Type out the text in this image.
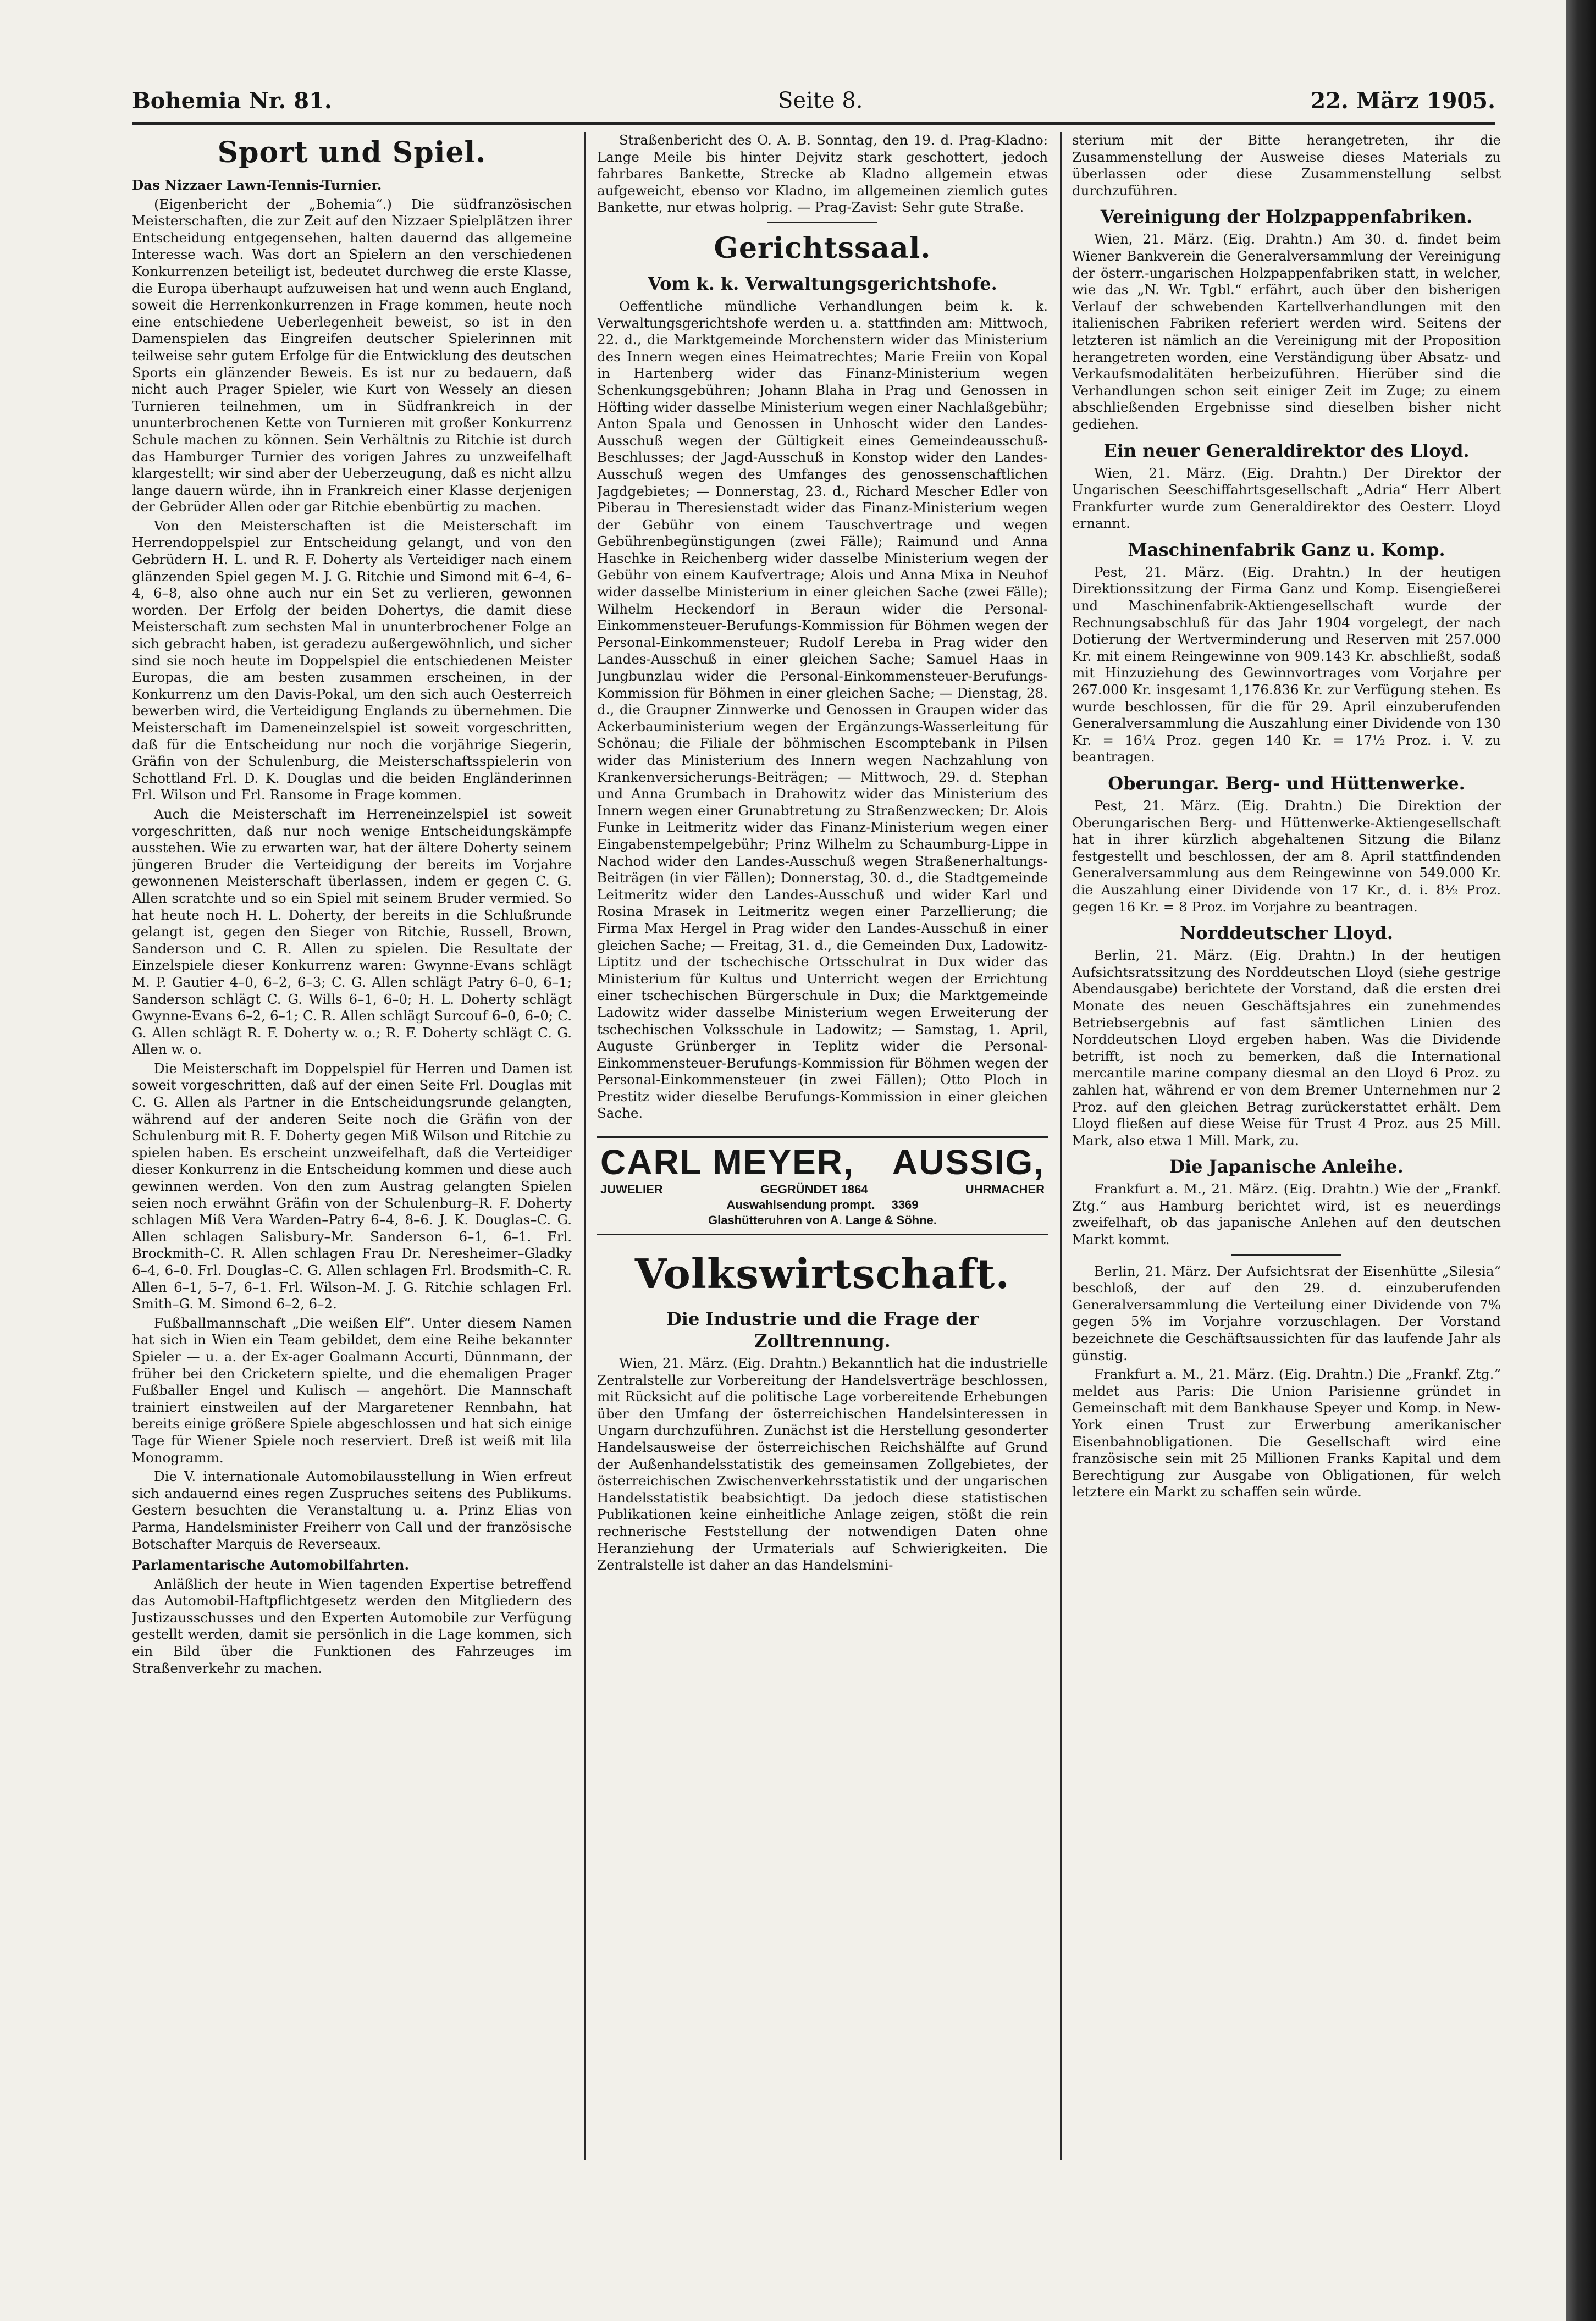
Bohemia Nr. 81.	Seite 8.	22. März 1905.
Sport und Spiel.

Das Nizzaer Lawn-Tennis-Turnier.

(Eigenbericht der „Bohemia“.) Die südfranzösischen Meisterschaften, die zur Zeit auf den Nizzaer Spielplätzen ihrer Entscheidung entgegensehen, halten dauernd das allgemeine Interesse wach. Was dort an Spielern an den verschiedenen Konkurrenzen beteiligt ist, bedeutet durchweg die erste Klasse, die Europa überhaupt aufzuweisen hat und wenn auch England, soweit die Herrenkonkurrenzen in Frage kommen, heute noch eine entschiedene Ueberlegenheit beweist, so ist in den Damenspielen das Eingreifen deutscher Spielerinnen mit teilweise sehr gutem Erfolge für die Entwicklung des deutschen Sports ein glänzender Beweis. Es ist nur zu bedauern, daß nicht auch Prager Spieler, wie Kurt von Wessely an diesen Turnieren teilnehmen, um in Südfrankreich in der ununterbrochenen Kette von Turnieren mit großer Konkurrenz Schule machen zu können. Sein Verhältnis zu Ritchie ist durch das Hamburger Turnier des vorigen Jahres zu unzweifelhaft klargestellt; wir sind aber der Ueberzeugung, daß es nicht allzu lange dauern würde, ihn in Frankreich einer Klasse derjenigen der Gebrüder Allen oder gar Ritchie ebenbürtig zu machen.

Von den Meisterschaften ist die Meisterschaft im Herrendoppelspiel zur Entscheidung gelangt, und von den Gebrüdern H. L. und R. F. Doherty als Verteidiger nach einem glänzenden Spiel gegen M. J. G. Ritchie und Simond mit 6–4, 6–4, 6–8, also ohne auch nur ein Set zu verlieren, gewonnen worden. Der Erfolg der beiden Dohertys, die damit diese Meisterschaft zum sechsten Mal in ununterbrochener Folge an sich gebracht haben, ist geradezu außergewöhnlich, und sicher sind sie noch heute im Doppelspiel die entschiedenen Meister Europas, die am besten zusammen erscheinen, in der Konkurrenz um den Davis-Pokal, um den sich auch Oesterreich bewerben wird, die Verteidigung Englands zu übernehmen. Die Meisterschaft im Dameneinzelspiel ist soweit vorgeschritten, daß für die Entscheidung nur noch die vorjährige Siegerin, Gräfin von der Schulenburg, die Meisterschaftsspielerin von Schottland Frl. D. K. Douglas und die beiden Engländerinnen Frl. Wilson und Frl. Ransome in Frage kommen.

Auch die Meisterschaft im Herreneinzelspiel ist soweit vorgeschritten, daß nur noch wenige Entscheidungskämpfe ausstehen. Wie zu erwarten war, hat der ältere Doherty seinem jüngeren Bruder die Verteidigung der bereits im Vorjahre gewonnenen Meisterschaft überlassen, indem er gegen C. G. Allen scratchte und so ein Spiel mit seinem Bruder vermied. So hat heute noch H. L. Doherty, der bereits in die Schlußrunde gelangt ist, gegen den Sieger von Ritchie, Russell, Brown, Sanderson und C. R. Allen zu spielen. Die Resultate der Einzelspiele dieser Konkurrenz waren: Gwynne-Evans schlägt M. P. Gautier 4–0, 6–2, 6–3; C. G. Allen schlägt Patry 6–0, 6–1; Sanderson schlägt C. G. Wills 6–1, 6–0; H. L. Doherty schlägt Gwynne-Evans 6–2, 6–1; C. R. Allen schlägt Surcouf 6–0, 6–0; C. G. Allen schlägt R. F. Doherty w. o.; R. F. Doherty schlägt C. G. Allen w. o.

Die Meisterschaft im Doppelspiel für Herren und Damen ist soweit vorgeschritten, daß auf der einen Seite Frl. Douglas mit C. G. Allen als Partner in die Entscheidungsrunde gelangten, während auf der anderen Seite noch die Gräfin von der Schulenburg mit R. F. Doherty gegen Miß Wilson und Ritchie zu spielen haben. Es erscheint unzweifelhaft, daß die Verteidiger dieser Konkurrenz in die Entscheidung kommen und diese auch gewinnen werden. Von den zum Austrag gelangten Spielen seien noch erwähnt Gräfin von der Schulenburg–R. F. Doherty schlagen Miß Vera Warden–Patry 6–4, 8–6. J. K. Douglas–C. G. Allen schlagen Salisbury–Mr. Sanderson 6–1, 6–1. Frl. Brockmith–C. R. Allen schlagen Frau Dr. Neresheimer–Gladky 6–4, 6–0. Frl. Douglas–C. G. Allen schlagen Frl. Brodsmith–C. R. Allen 6–1, 5–7, 6–1. Frl. Wilson–M. J. G. Ritchie schlagen Frl. Smith–G. M. Simond 6–2, 6–2.

Fußballmannschaft „Die weißen Elf“. Unter diesem Namen hat sich in Wien ein Team gebildet, dem eine Reihe bekannter Spieler — u. a. der Ex-ager Goalmann Accurti, Dünnmann, der früher bei den Cricketern spielte, und die ehemaligen Prager Fußballer Engel und Kulisch — angehört. Die Mannschaft trainiert einstweilen auf der Margaretener Rennbahn, hat bereits einige größere Spiele abgeschlossen und hat sich einige Tage für Wiener Spiele noch reserviert. Dreß ist weiß mit lila Monogramm.

Die V. internationale Automobilausstellung in Wien erfreut sich andauernd eines regen Zuspruches seitens des Publikums. Gestern besuchten die Veranstaltung u. a. Prinz Elias von Parma, Handelsminister Freiherr von Call und der französische Botschafter Marquis de Reverseaux.

Parlamentarische Automobilfahrten.

Anläßlich der heute in Wien tagenden Expertise betreffend das Automobil-Haftpflichtgesetz werden den Mitgliedern des Justizausschusses und den Experten Automobile zur Verfügung gestellt werden, damit sie persönlich in die Lage kommen, sich ein Bild über die Funktionen des Fahrzeuges im Straßenverkehr zu machen.

Straßenbericht des O. A. B. Sonntag, den 19. d. Prag-Kladno: Lange Meile bis hinter Dejvitz stark geschottert, jedoch fahrbares Bankette, Strecke ab Kladno allgemein etwas aufgeweicht, ebenso vor Kladno, im allgemeinen ziemlich gutes Bankette, nur etwas holprig. — Prag-Zavist: Sehr gute Straße.

Gerichtssaal.

Vom k. k. Verwaltungsgerichtshofe.

Oeffentliche mündliche Verhandlungen beim k. k. Verwaltungsgerichtshofe werden u. a. stattfinden am: Mittwoch, 22. d., die Marktgemeinde Morchenstern wider das Ministerium des Innern wegen eines Heimatrechtes; Marie Freiin von Kopal in Hartenberg wider das Finanz-Ministerium wegen Schenkungsgebühren; Johann Blaha in Prag und Genossen in Höfting wider dasselbe Ministerium wegen einer Nachlaßgebühr; Anton Spala und Genossen in Unhoscht wider den Landes-Ausschuß wegen der Gültigkeit eines Gemeindeausschuß-Beschlusses; der Jagd-Ausschuß in Konstop wider den Landes-Ausschuß wegen des Umfanges des genossenschaftlichen Jagdgebietes; — Donnerstag, 23. d., Richard Mescher Edler von Piberau in Theresienstadt wider das Finanz-Ministerium wegen der Gebühr von einem Tauschvertrage und wegen Gebührenbegünstigungen (zwei Fälle); Raimund und Anna Haschke in Reichenberg wider dasselbe Ministerium wegen der Gebühr von einem Kaufvertrage; Alois und Anna Mixa in Neuhof wider dasselbe Ministerium in einer gleichen Sache (zwei Fälle); Wilhelm Heckendorf in Beraun wider die Personal-Einkommensteuer-Berufungs-Kommission für Böhmen wegen der Personal-Einkommensteuer; Rudolf Lereba in Prag wider den Landes-Ausschuß in einer gleichen Sache; Samuel Haas in Jungbunzlau wider die Personal-Einkommensteuer-Berufungs-Kommission für Böhmen in einer gleichen Sache; — Dienstag, 28. d., die Graupner Zinnwerke und Genossen in Graupen wider das Ackerbauministerium wegen der Ergänzungs-Wasserleitung für Schönau; die Filiale der böhmischen Escomptebank in Pilsen wider das Ministerium des Innern wegen Nachzahlung von Krankenversicherungs-Beiträgen; — Mittwoch, 29. d. Stephan und Anna Grumbach in Drahowitz wider das Ministerium des Innern wegen einer Grunabtretung zu Straßenzwecken; Dr. Alois Funke in Leitmeritz wider das Finanz-Ministerium wegen einer Eingabenstempelgebühr; Prinz Wilhelm zu Schaumburg-Lippe in Nachod wider den Landes-Ausschuß wegen Straßenerhaltungs-Beiträgen (in vier Fällen); Donnerstag, 30. d., die Stadtgemeinde Leitmeritz wider den Landes-Ausschuß und wider Karl und Rosina Mrasek in Leitmeritz wegen einer Parzellierung; die Firma Max Hergel in Prag wider den Landes-Ausschuß in einer gleichen Sache; — Freitag, 31. d., die Gemeinden Dux, Ladowitz-Liptitz und der tschechische Ortsschulrat in Dux wider das Ministerium für Kultus und Unterricht wegen der Errichtung einer tschechischen Bürgerschule in Dux; die Marktgemeinde Ladowitz wider dasselbe Ministerium wegen Erweiterung der tschechischen Volksschule in Ladowitz; — Samstag, 1. April, Auguste Grünberger in Teplitz wider die Personal-Einkommensteuer-Berufungs-Kommission für Böhmen wegen der Personal-Einkommensteuer (in zwei Fällen); Otto Ploch in Prestitz wider dieselbe Berufungs-Kommission in einer gleichen Sache.

CARL MEYER, AUSSIG,
JUWELIER	GEGRÜNDET 1864	UHRMACHER
Auswahlsendung prompt. 3369
Glashütteruhren von A. Lange & Söhne.
Volkswirtschaft.

Die Industrie und die Frage der Zolltrennung.

Wien, 21. März. (Eig. Drahtn.) Bekanntlich hat die industrielle Zentralstelle zur Vorbereitung der Handelsverträge beschlossen, mit Rücksicht auf die politische Lage vorbereitende Erhebungen über den Umfang der österreichischen Handelsinteressen in Ungarn durchzuführen. Zunächst ist die Herstellung gesonderter Handelsausweise der österreichischen Reichshälfte auf Grund der Außenhandelsstatistik des gemeinsamen Zollgebietes, der österreichischen Zwischenverkehrsstatistik und der ungarischen Handelsstatistik beabsichtigt. Da jedoch diese statistischen Publikationen keine einheitliche Anlage zeigen, stößt die rein rechnerische Feststellung der notwendigen Daten ohne Heranziehung der Urmaterials auf Schwierigkeiten. Die Zentralstelle ist daher an das Handelsmini-

sterium mit der Bitte herangetreten, ihr die Zusammenstellung der Ausweise dieses Materials zu überlassen oder diese Zusammenstellung selbst durchzuführen.

Vereinigung der Holzpappenfabriken.

Wien, 21. März. (Eig. Drahtn.) Am 30. d. findet beim Wiener Bankverein die Generalversammlung der Vereinigung der österr.-ungarischen Holzpappenfabriken statt, in welcher, wie das „N. Wr. Tgbl.“ erfährt, auch über den bisherigen Verlauf der schwebenden Kartellverhandlungen mit den italienischen Fabriken referiert werden wird. Seitens der letzteren ist nämlich an die Vereinigung mit der Proposition herangetreten worden, eine Verständigung über Absatz- und Verkaufsmodalitäten herbeizuführen. Hierüber sind die Verhandlungen schon seit einiger Zeit im Zuge; zu einem abschließenden Ergebnisse sind dieselben bisher nicht gediehen.

Ein neuer Generaldirektor des Lloyd.

Wien, 21. März. (Eig. Drahtn.) Der Direktor der Ungarischen Seeschiffahrtsgesellschaft „Adria“ Herr Albert Frankfurter wurde zum Generaldirektor des Oesterr. Lloyd ernannt.

Maschinenfabrik Ganz u. Komp.

Pest, 21. März. (Eig. Drahtn.) In der heutigen Direktionssitzung der Firma Ganz und Komp. Eisengießerei und Maschinenfabrik-Aktiengesellschaft wurde der Rechnungsabschluß für das Jahr 1904 vorgelegt, der nach Dotierung der Wertverminderung und Reserven mit 257.000 Kr. mit einem Reingewinne von 909.143 Kr. abschließt, sodaß mit Hinzuziehung des Gewinnvortrages vom Vorjahre per 267.000 Kr. insgesamt 1,176.836 Kr. zur Verfügung stehen. Es wurde beschlossen, für die für 29. April einzuberufenden Generalversammlung die Auszahlung einer Dividende von 130 Kr. = 16¼ Proz. gegen 140 Kr. = 17½ Proz. i. V. zu beantragen.

Oberungar. Berg- und Hüttenwerke.

Pest, 21. März. (Eig. Drahtn.) Die Direktion der Oberungarischen Berg- und Hüttenwerke-Aktiengesellschaft hat in ihrer kürzlich abgehaltenen Sitzung die Bilanz festgestellt und beschlossen, der am 8. April stattfindenden Generalversammlung aus dem Reingewinne von 549.000 Kr. die Auszahlung einer Dividende von 17 Kr., d. i. 8½ Proz. gegen 16 Kr. = 8 Proz. im Vorjahre zu beantragen.

Norddeutscher Lloyd.

Berlin, 21. März. (Eig. Drahtn.) In der heutigen Aufsichtsratssitzung des Norddeutschen Lloyd (siehe gestrige Abendausgabe) berichtete der Vorstand, daß die ersten drei Monate des neuen Geschäftsjahres ein zunehmendes Betriebsergebnis auf fast sämtlichen Linien des Norddeutschen Lloyd ergeben haben. Was die Dividende betrifft, ist noch zu bemerken, daß die International mercantile marine company diesmal an den Lloyd 6 Proz. zu zahlen hat, während er von dem Bremer Unternehmen nur 2 Proz. auf den gleichen Betrag zurückerstattet erhält. Dem Lloyd fließen auf diese Weise für Trust 4 Proz. aus 25 Mill. Mark, also etwa 1 Mill. Mark, zu.

Die Japanische Anleihe.

Frankfurt a. M., 21. März. (Eig. Drahtn.) Wie der „Frankf. Ztg.“ aus Hamburg berichtet wird, ist es neuerdings zweifelhaft, ob das japanische Anlehen auf den deutschen Markt kommt.

Berlin, 21. März. Der Aufsichtsrat der Eisenhütte „Silesia“ beschloß, der auf den 29. d. einzuberufenden Generalversammlung die Verteilung einer Dividende von 7% gegen 5% im Vorjahre vorzuschlagen. Der Vorstand bezeichnete die Geschäftsaussichten für das laufende Jahr als günstig.

Frankfurt a. M., 21. März. (Eig. Drahtn.) Die „Frankf. Ztg.“ meldet aus Paris: Die Union Parisienne gründet in Gemeinschaft mit dem Bankhause Speyer und Komp. in New-York einen Trust zur Erwerbung amerikanischer Eisenbahnobligationen. Die Gesellschaft wird eine französische sein mit 25 Millionen Franks Kapital und dem Berechtigung zur Ausgabe von Obligationen, für welch letztere ein Markt zu schaffen sein würde.
